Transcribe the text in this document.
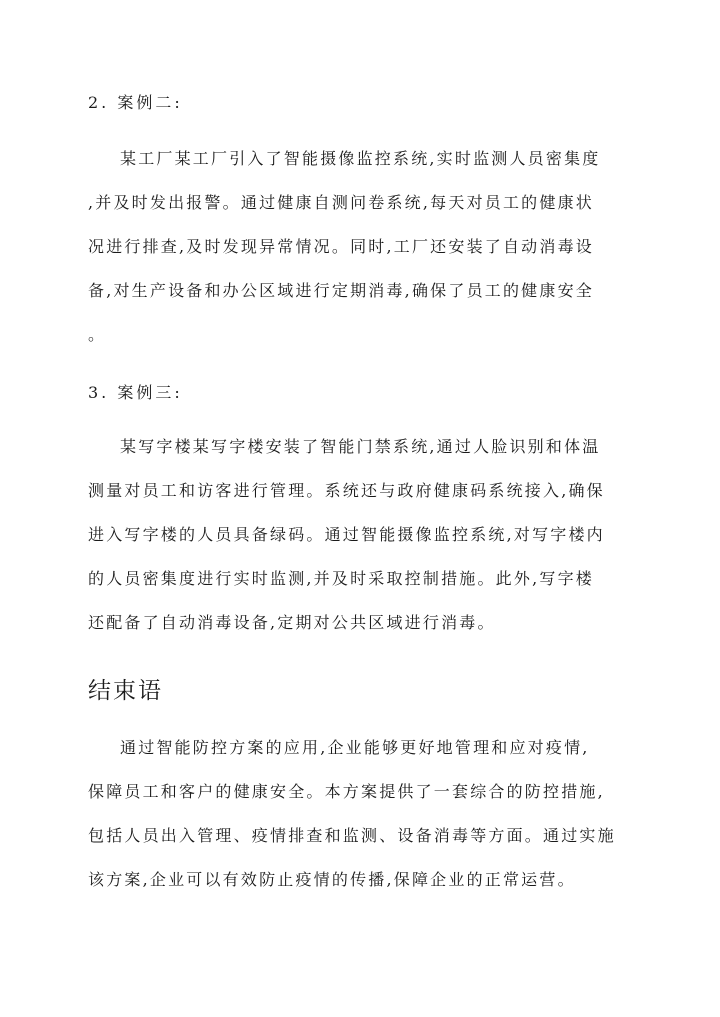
2. 案例二:

某工厂某工厂引入了智能摄像监控系统,实时监测人员密集度
,并及时发出报警。通过健康自测问卷系统,每天对员工的健康状
况进行排查,及时发现异常情况。同时,工厂还安装了自动消毒设
备,对生产设备和办公区域进行定期消毒,确保了员工的健康安全
。

3. 案例三:

某写字楼某写字楼安装了智能门禁系统,通过人脸识别和体温
测量对员工和访客进行管理。系统还与政府健康码系统接入,确保
进入写字楼的人员具备绿码。通过智能摄像监控系统,对写字楼内
的人员密集度进行实时监测,并及时采取控制措施。此外,写字楼
还配备了自动消毒设备,定期对公共区域进行消毒。

结束语

通过智能防控方案的应用,企业能够更好地管理和应对疫情,
保障员工和客户的健康安全。本方案提供了一套综合的防控措施,
包括人员出入管理、疫情排查和监测、设备消毒等方面。通过实施
该方案,企业可以有效防止疫情的传播,保障企业的正常运营。
